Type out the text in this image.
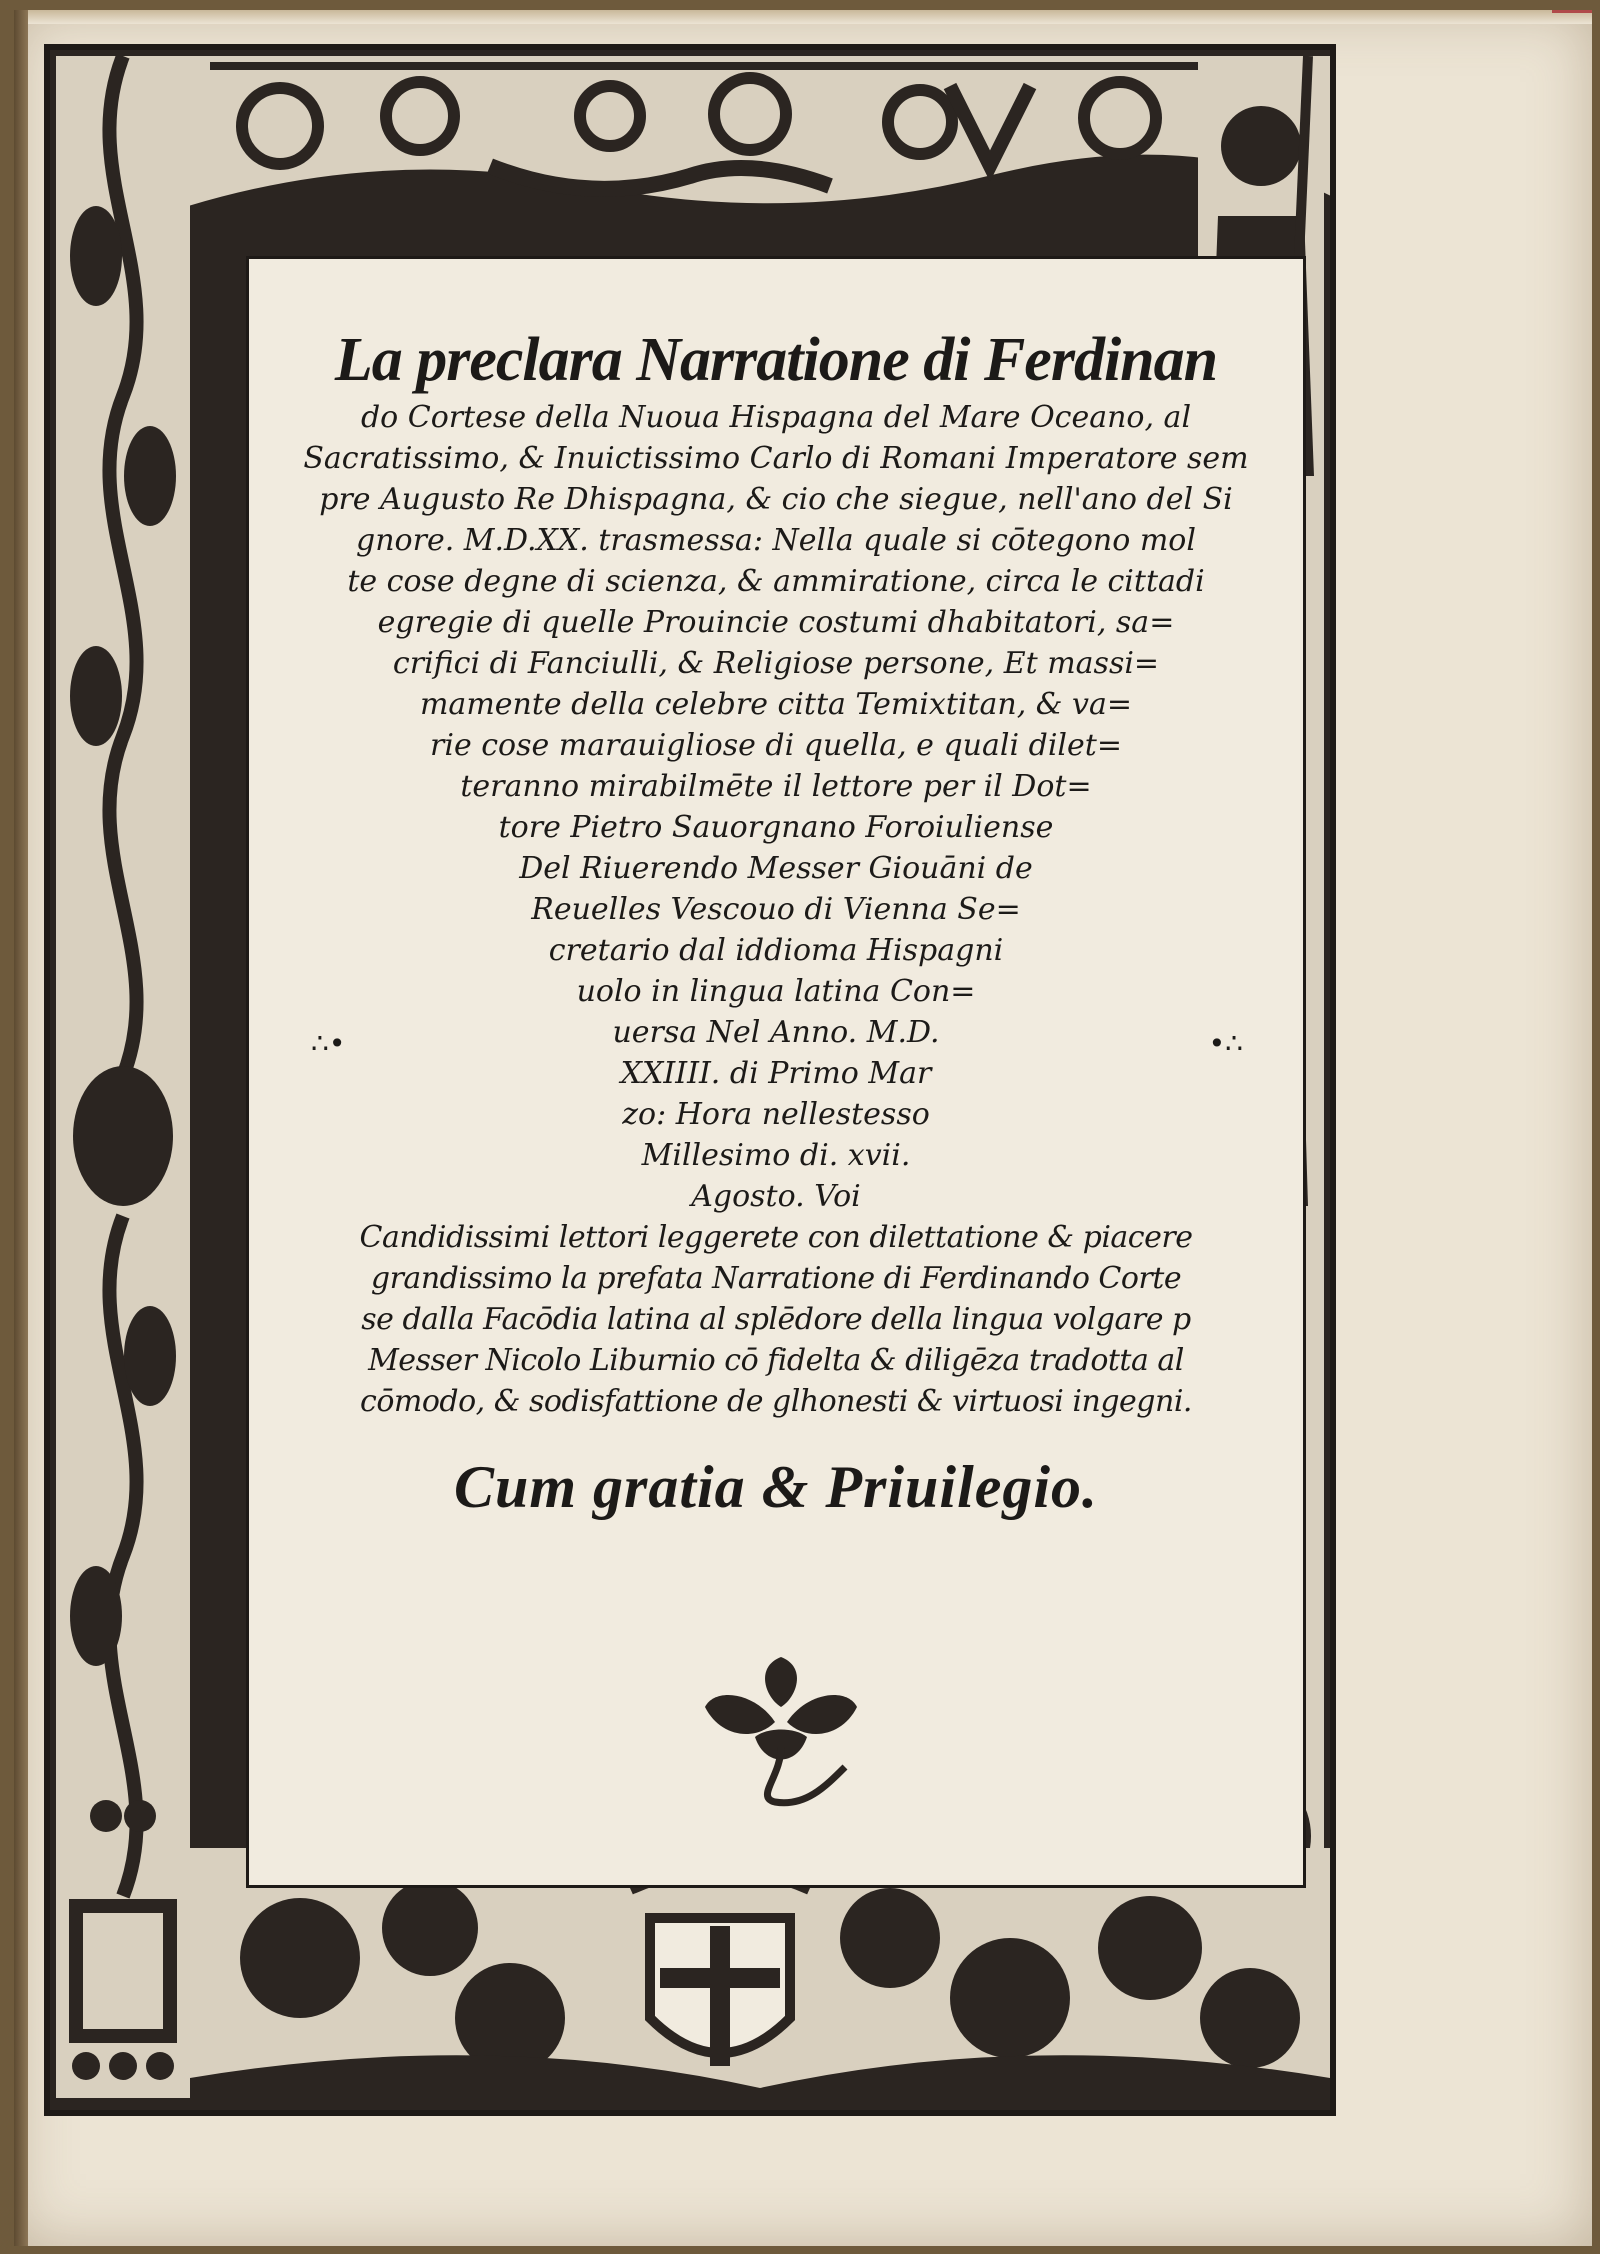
La preclara Narratione di Ferdinan
do Cortese della Nuoua Hispagna del Mare Oceano, al
Sacratissimo, & Inuictissimo Carlo di Romani Imperatore sem
pre Augusto Re Dhispagna, & cio che siegue, nell'ano del Si
gnore. M.D.XX. trasmessa: Nella quale si cōtegono mol
te cose degne di scienza, & ammiratione, circa le cittadi
egregie di quelle Prouincie costumi dhabitatori, sa=
crifici di Fanciulli, & Religiose persone, Et massi=
mamente della celebre citta Temixtitan, & va=
rie cose marauigliose di quella, e quali dilet=
teranno mirabilmēte il lettore per il Dot=
tore Pietro Sauorgnano Foroiuliense
Del Riuerendo Messer Giouāni de
Reuelles Vescouo di Vienna Se=
cretario dal iddioma Hispagni
uolo in lingua latina Con=
uersa Nel Anno. M.D.
XXIIII. di Primo Mar
zo: Hora nellestesso
Millesimo di. xvii.
Agosto. Voi
Candidissimi lettori leggerete con dilettatione & piacere
grandissimo la prefata Narratione di Ferdinando Corte
se dalla Facōdia latina al splēdore della lingua volgare p
Messer Nicolo Liburnio cō fidelta & diligēza tradotta al
cōmodo, & sodisfattione de glhonesti & virtuosi ingegni.
Cum gratia & Priuilegio.
∴•	•∴
